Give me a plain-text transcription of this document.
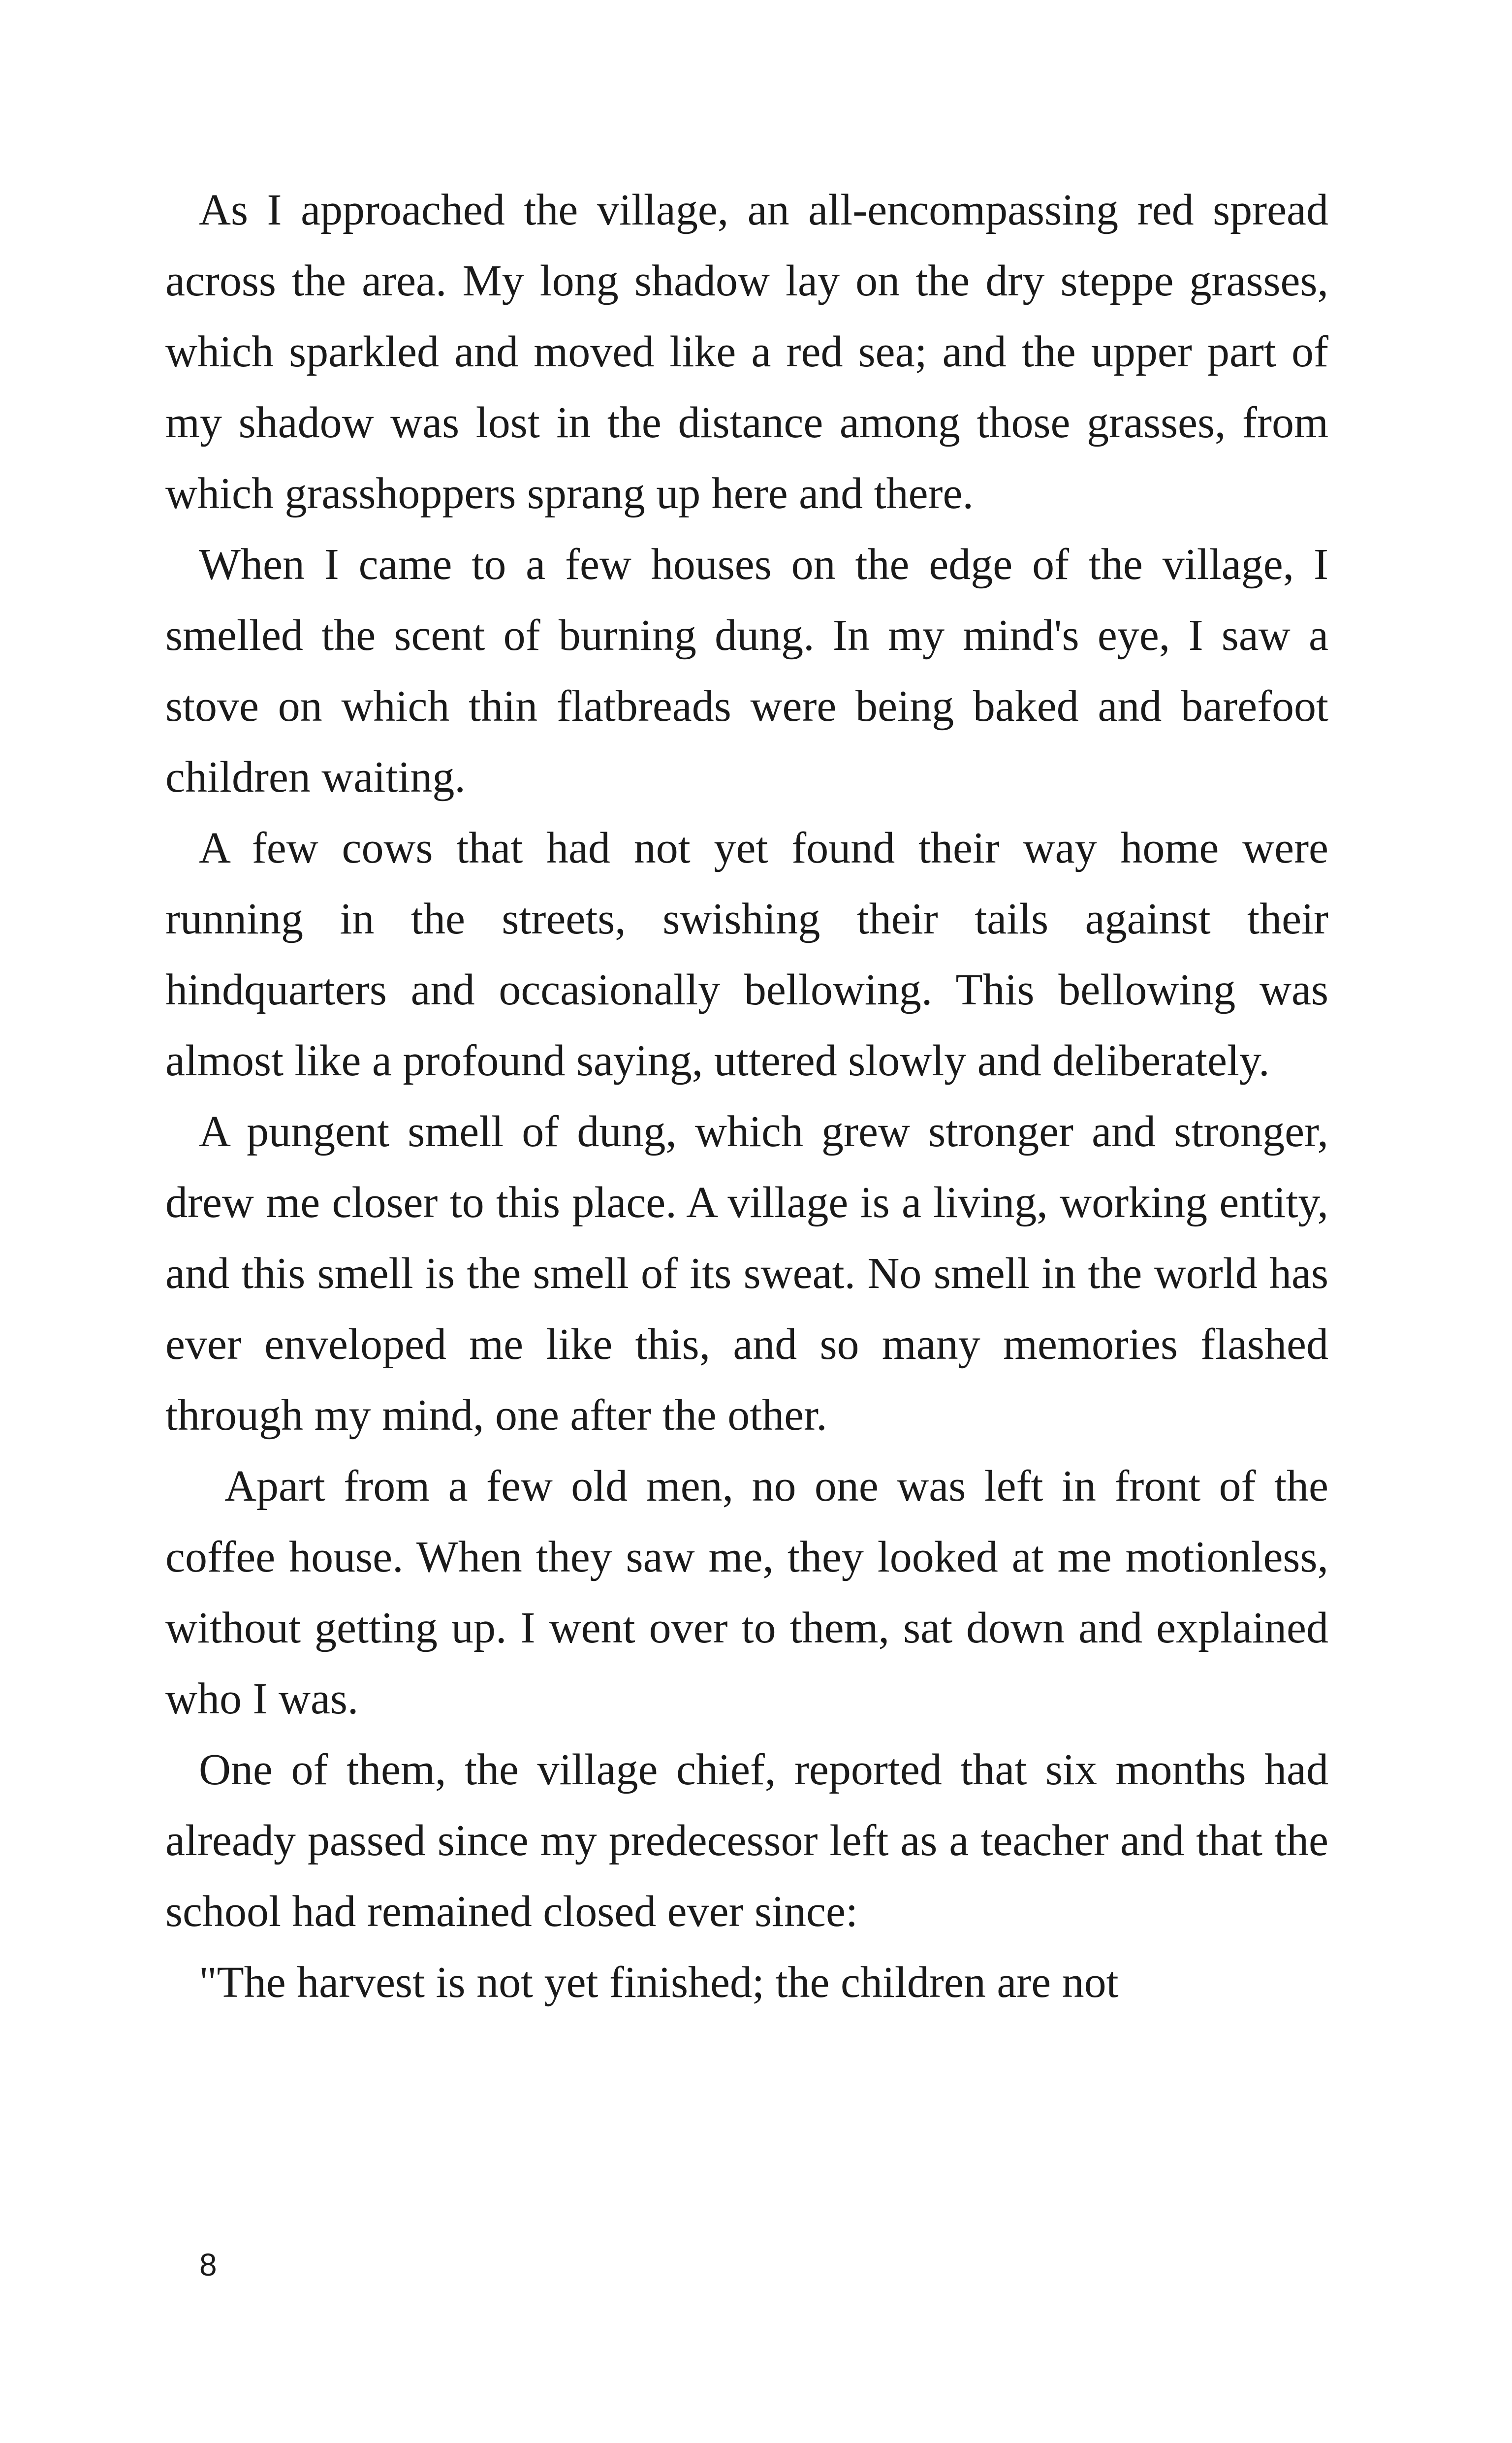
As I approached the village, an all-encompassing red spread across the area. My long shadow lay on the dry steppe grasses, which sparkled and moved like a red sea; and the upper part of my shadow was lost in the distance among those grasses, from which grasshoppers sprang up here and there.

When I came to a few houses on the edge of the village, I smelled the scent of burning dung. In my mind's eye, I saw a stove on which thin flatbreads were being baked and barefoot children waiting.

A few cows that had not yet found their way home were running in the streets, swishing their tails against their hindquarters and occasionally bellowing. This bellowing was almost like a profound saying, uttered slowly and deliberately.

A pungent smell of dung, which grew stronger and stronger, drew me closer to this place. A village is a living, working entity, and this smell is the smell of its sweat. No smell in the world has ever enveloped me like this, and so many memories flashed through my mind, one after the other.

Apart from a few old men, no one was left in front of the coffee house. When they saw me, they looked at me motionless, without getting up. I went over to them, sat down and explained who I was.

One of them, the village chief, reported that six months had already passed since my predecessor left as a teacher and that the school had remained closed ever since:

"The harvest is not yet finished; the children are not

8
